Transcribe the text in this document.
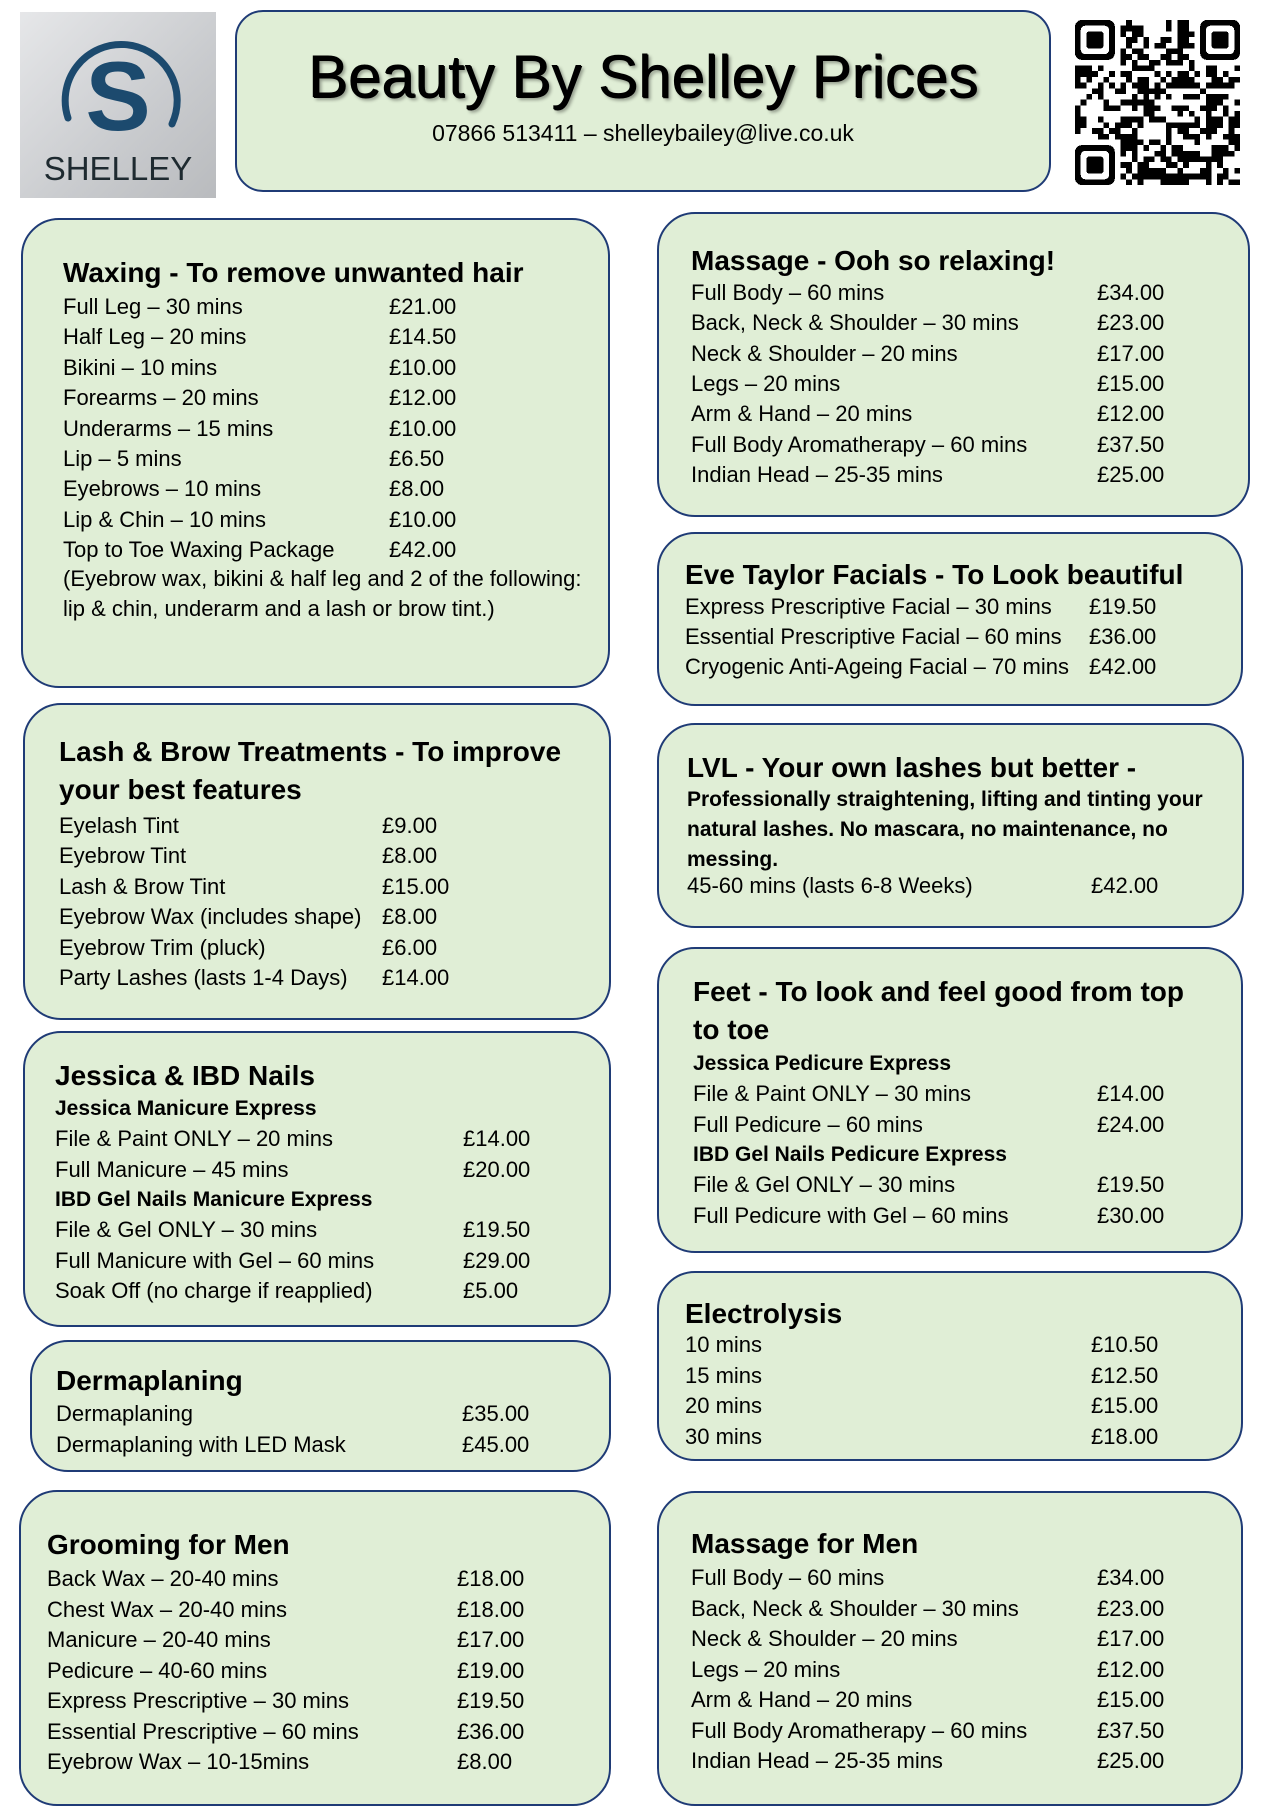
S
SHELLEY
Beauty By Shelley Prices
07866 513411 – shelleybailey@live.co.uk
Waxing - To remove unwanted hair
Full Leg – 30 mins	£21.00
Half Leg – 20 mins	£14.50
Bikini – 10 mins	£10.00
Forearms – 20 mins	£12.00
Underarms – 15 mins	£10.00
Lip – 5 mins	£6.50
Eyebrows – 10 mins	£8.00
Lip & Chin – 10 mins	£10.00
Top to Toe Waxing Package £42.00
(Eyebrow wax, bikini & half leg and 2 of the following: lip & chin, underarm and a lash or brow tint.)
Massage - Ooh so relaxing!
Full Body – 60 mins	£34.00
Back, Neck & Shoulder – 30 mins	£23.00
Neck & Shoulder – 20 mins	£17.00
Legs – 20 mins	£15.00
Arm & Hand – 20 mins	£12.00
Full Body Aromatherapy – 60 mins	£37.50
Indian Head – 25-35 mins	£25.00
Eve Taylor Facials - To Look beautiful
Express Prescriptive Facial – 30 mins £19.50
Essential Prescriptive Facial – 60 mins £36.00
Cryogenic Anti-Ageing Facial – 70 mins £42.00
Lash & Brow Treatments - To improve
your best features
Eyelash Tint	£9.00
Eyebrow Tint	£8.00
Lash & Brow Tint	£15.00
Eyebrow Wax (includes shape) £8.00
Eyebrow Trim (pluck)	£6.00
Party Lashes (lasts 1-4 Days) £14.00
LVL - Your own lashes but better -
Professionally straightening, lifting and tinting your natural lashes. No mascara, no maintenance, no messing.
45-60 mins (lasts 6-8 Weeks)	£42.00
Jessica & IBD Nails
Jessica Manicure Express
File & Paint ONLY – 20 mins	£14.00
Full Manicure – 45 mins	£20.00
IBD Gel Nails Manicure Express
File & Gel ONLY – 30 mins	£19.50
Full Manicure with Gel – 60 mins	£29.00
Soak Off (no charge if reapplied)	£5.00
Feet - To look and feel good from top
to toe
Jessica Pedicure Express
File & Paint ONLY – 30 mins	£14.00
Full Pedicure – 60 mins	£24.00
IBD Gel Nails Pedicure Express
File & Gel ONLY – 30 mins	£19.50
Full Pedicure with Gel – 60 mins	£30.00
Dermaplaning
Dermaplaning	£35.00
Dermaplaning with LED Mask	£45.00
Electrolysis
10 mins	£10.50
15 mins	£12.50
20 mins	£15.00
30 mins	£18.00
Grooming for Men
Back Wax – 20-40 mins	£18.00
Chest Wax – 20-40 mins	£18.00
Manicure – 20-40 mins	£17.00
Pedicure – 40-60 mins	£19.00
Express Prescriptive – 30 mins	£19.50
Essential Prescriptive – 60 mins	£36.00
Eyebrow Wax – 10-15mins	£8.00
Massage for Men
Full Body – 60 mins	£34.00
Back, Neck & Shoulder – 30 mins	£23.00
Neck & Shoulder – 20 mins	£17.00
Legs – 20 mins	£12.00
Arm & Hand – 20 mins	£15.00
Full Body Aromatherapy – 60 mins	£37.50
Indian Head – 25-35 mins	£25.00
